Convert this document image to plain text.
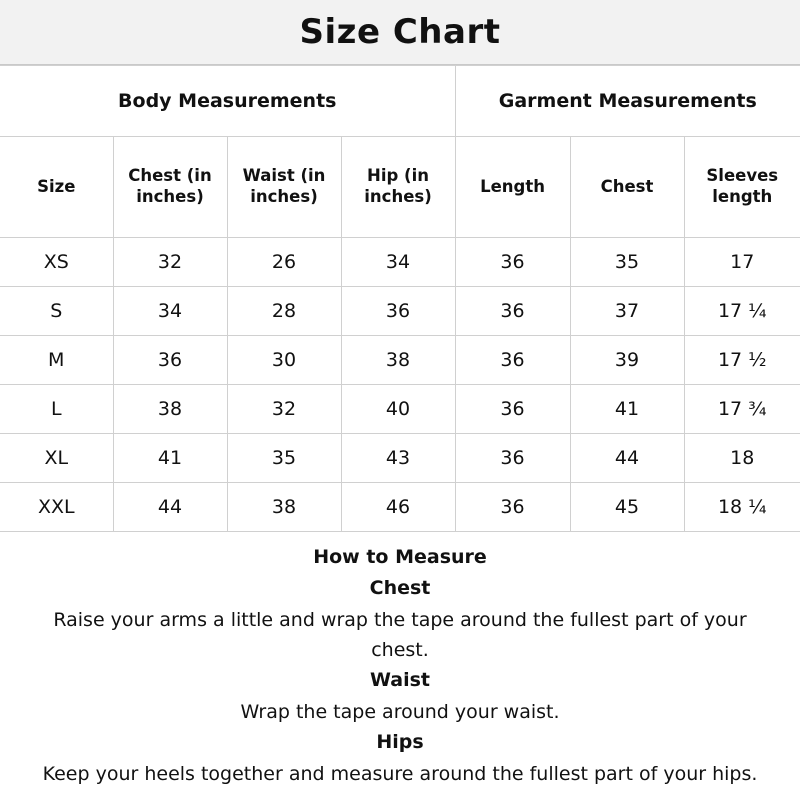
Size Chart
Body Measurements				Garment Measurements		
Size	Chest (in inches)	Waist (in inches)	Hip (in inches)	Length	Chest	Sleeves length
XS	32	26	34	36	35	17
S	34	28	36	36	37	17 ¼
M	36	30	38	36	39	17 ½
L	38	32	40	36	41	17 ¾
XL	41	35	43	36	44	18
XXL	44	38	46	36	45	18 ¼
How to Measure
Chest
Raise your arms a little and wrap the tape around the fullest part of your chest.
Waist
Wrap the tape around your waist.
Hips
Keep your heels together and measure around the fullest part of your hips.
